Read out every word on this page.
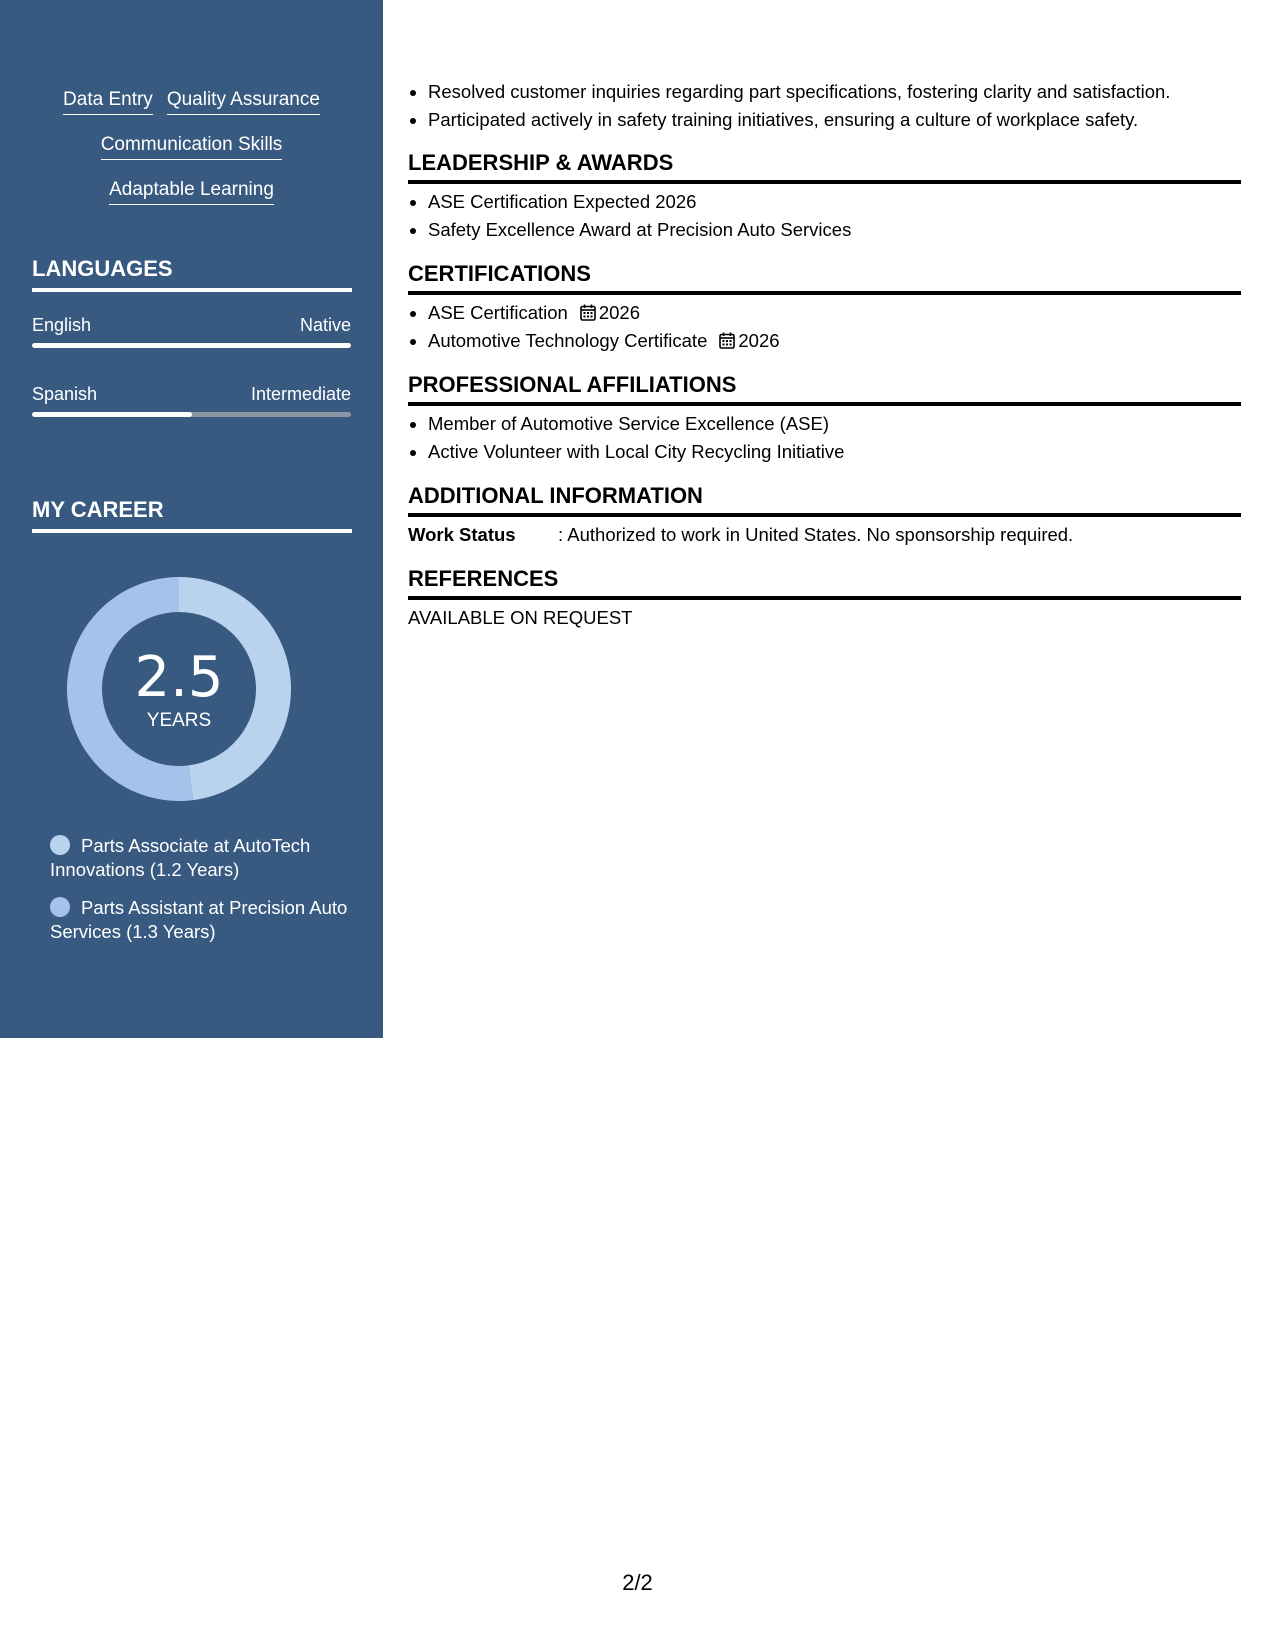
Data Entry Quality Assurance
Communication Skills
Adaptable Learning
LANGUAGES
English	Native
Spanish	Intermediate
MY CAREER
2.5
YEARS
Parts Associate at AutoTech Innovations (1.2 Years)
Parts Assistant at Precision Auto Services (1.3 Years)
• Resolved customer inquiries regarding part specifications, fostering clarity and satisfaction.
• Participated actively in safety training initiatives, ensuring a culture of workplace safety.
LEADERSHIP & AWARDS
• ASE Certification Expected 2026
• Safety Excellence Award at Precision Auto Services
CERTIFICATIONS
• ASE Certification 2026
• Automotive Technology Certificate 2026
PROFESSIONAL AFFILIATIONS
• Member of Automotive Service Excellence (ASE)
• Active Volunteer with Local City Recycling Initiative
ADDITIONAL INFORMATION
Work Status : Authorized to work in United States. No sponsorship required.
REFERENCES
AVAILABLE ON REQUEST
2/2
